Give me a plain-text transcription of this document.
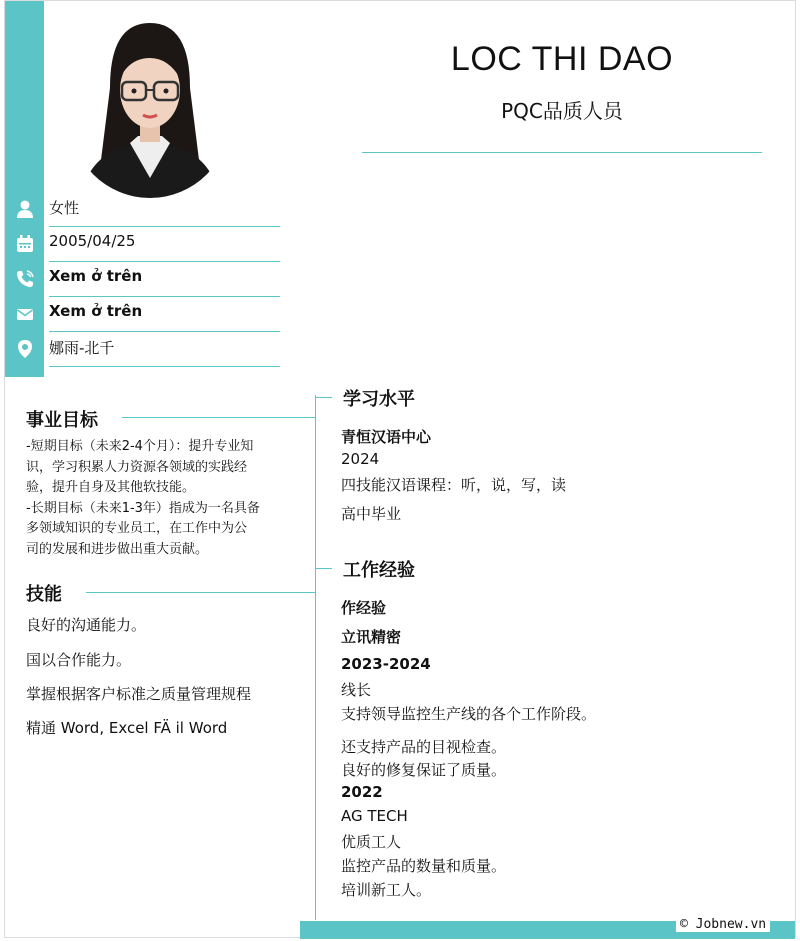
LOC THI DAO
PQC品质人员
女性
2005/04/25
Xem ở trên
Xem ở trên
娜雨-北千
事业目标
-短期目标（未来2-4个月）：提升专业知
识，学习积累人力资源各领域的实践经
验，提升自身及其他软技能。
-长期目标（未来1-3年）指成为一名具备
多领域知识的专业员工，在工作中为公
司的发展和进步做出重大贡献。
技能
良好的沟通能力。
国以合作能力。
掌握根据客户标准之质量管理规程
精通 Word, Excel FÄ il Word
学习水平
青恒汉语中心
2024
四技能汉语课程：听，说，写，读
高中毕业
工作经验
作经验
立讯精密
2023-2024
线长
支持领导监控生产线的各个工作阶段。
还支持产品的目视检查。
良好的修复保证了质量。
2022
AG TECH
优质工人
监控产品的数量和质量。
培训新工人。
© Jobnew.vn
